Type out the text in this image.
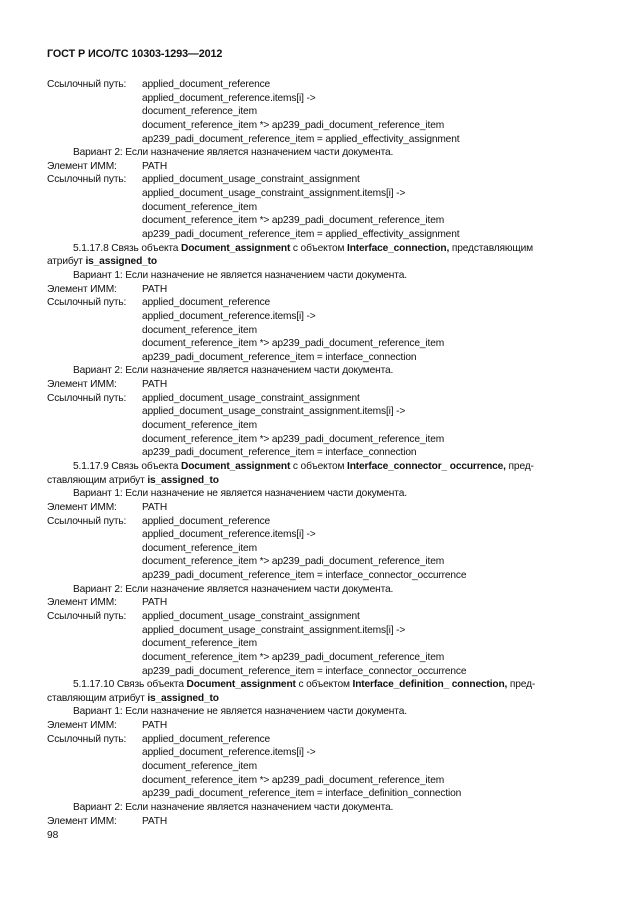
ГОСТ Р ИСО/ТС 10303-1293—2012
Ссылочный путь: applied_document_reference
applied_document_reference.items[i] ->
document_reference_item
document_reference_item *> ap239_padi_document_reference_item
ap239_padi_document_reference_item = applied_effectivity_assignment
Вариант 2: Если назначение является назначением части документа.
Элемент ИММ: PATH
Ссылочный путь: applied_document_usage_constraint_assignment
applied_document_usage_constraint_assignment.items[i] ->
document_reference_item
document_reference_item *> ap239_padi_document_reference_item
ap239_padi_document_reference_item = applied_effectivity_assignment
5.1.17.8 Связь объекта Document_assignment с объектом Interface_connection, представляющим
атрибут is_assigned_to
Вариант 1: Если назначение не является назначением части документа.
Элемент ИММ: PATH
Ссылочный путь: applied_document_reference
applied_document_reference.items[i] ->
document_reference_item
document_reference_item *> ap239_padi_document_reference_item
ap239_padi_document_reference_item = interface_connection
Вариант 2: Если назначение является назначением части документа.
Элемент ИММ: PATH
Ссылочный путь: applied_document_usage_constraint_assignment
applied_document_usage_constraint_assignment.items[i] ->
document_reference_item
document_reference_item *> ap239_padi_document_reference_item
ap239_padi_document_reference_item = interface_connection
5.1.17.9 Связь объекта Document_assignment с объектом Interface_connector_ occurrence, пред-
ставляющим атрибут is_assigned_to
Вариант 1: Если назначение не является назначением части документа.
Элемент ИММ: PATH
Ссылочный путь: applied_document_reference
applied_document_reference.items[i] ->
document_reference_item
document_reference_item *> ap239_padi_document_reference_item
ap239_padi_document_reference_item = interface_connector_occurrence
Вариант 2: Если назначение является назначением части документа.
Элемент ИММ: PATH
Ссылочный путь: applied_document_usage_constraint_assignment
applied_document_usage_constraint_assignment.items[i] ->
document_reference_item
document_reference_item *> ap239_padi_document_reference_item
ap239_padi_document_reference_item = interface_connector_occurrence
5.1.17.10 Связь объекта Document_assignment с объектом Interface_definition_ connection, пред-
ставляющим атрибут is_assigned_to
Вариант 1: Если назначение не является назначением части документа.
Элемент ИММ: PATH
Ссылочный путь: applied_document_reference
applied_document_reference.items[i] ->
document_reference_item
document_reference_item *> ap239_padi_document_reference_item
ap239_padi_document_reference_item = interface_definition_connection
Вариант 2: Если назначение является назначением части документа.
Элемент ИММ: PATH
98
